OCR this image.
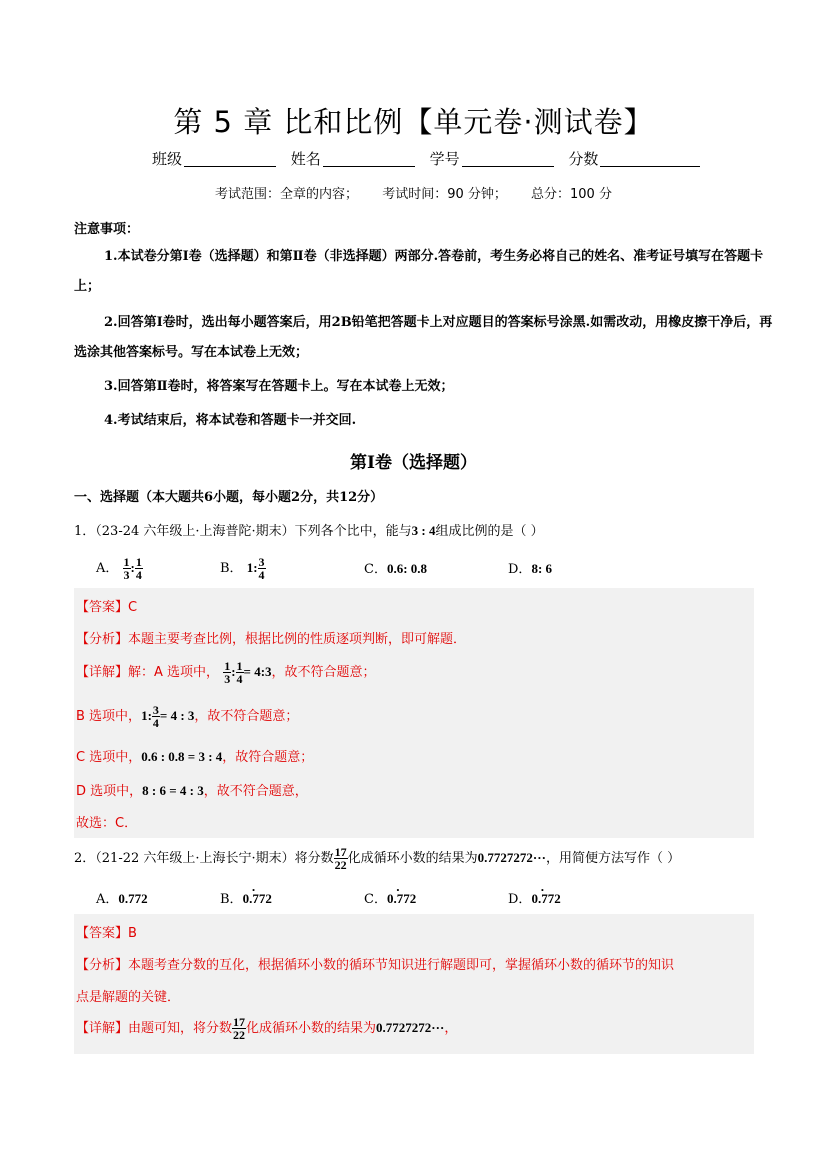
第 5 章 比和比例【单元卷·测试卷】
班级	姓名	学号	分数
考试范围：全章的内容； 考试时间：90 分钟； 总分：100 分
注意事项：
1.本试卷分第Ⅰ卷（选择题）和第Ⅱ卷（非选择题）两部分.答卷前，考生务必将自己的姓名、准考证号填写在答题卡上；
2.回答第Ⅰ卷时，选出每小题答案后，用2B铅笔把答题卡上对应题目的答案标号涂黑.如需改动，用橡皮擦干净后，再选涂其他答案标号。写在本试卷上无效；
3.回答第Ⅱ卷时，将答案写在答题卡上。写在本试卷上无效；
4.考试结束后，将本试卷和答题卡一并交回.
第Ⅰ卷（选择题）
一、选择题（本大题共6小题，每小题2分，共12分）
1．（23-24 六年级上·上海普陀·期末）下列各个比中，能与3 : 4组成比例的是（ ）
A． $\frac{1}{3}$ : $\frac{1}{4}$	B． 1: $\frac{3}{4}$	C．0.6: 0.8	D．8: 6
【答案】C
【分析】本题主要考查比例，根据比例的性质逐项判断，即可解题．
【详解】解：A 选项中， $\frac{1}{3}$ : $\frac{1}{4}$ = 4:3，故不符合题意；
B 选项中，1: $\frac{3}{4} = 4$ : 3，故不符合题意；
C 选项中，0.6 : 0.8 = 3 : 4，故符合题意；
D 选项中，8 : 6 = 4 : 3，故不符合题意，
故选：C．
2．（21-22 六年级上·上海长宁·期末）将分数 $\frac{17}{22}$ 化成循环小数的结果为0.7727272···，用简便方法写作（ ）
A．0.772	B．· 0.772	C．· 0.772	D．· 0.772
【答案】B
【分析】本题考查分数的互化，根据循环小数的循环节知识进行解题即可，掌握循环小数的循环节的知识
点是解题的关键．
【详解】由题可知，将分数 $\frac{17}{22}$ 化成循环小数的结果为0.7727272···，
